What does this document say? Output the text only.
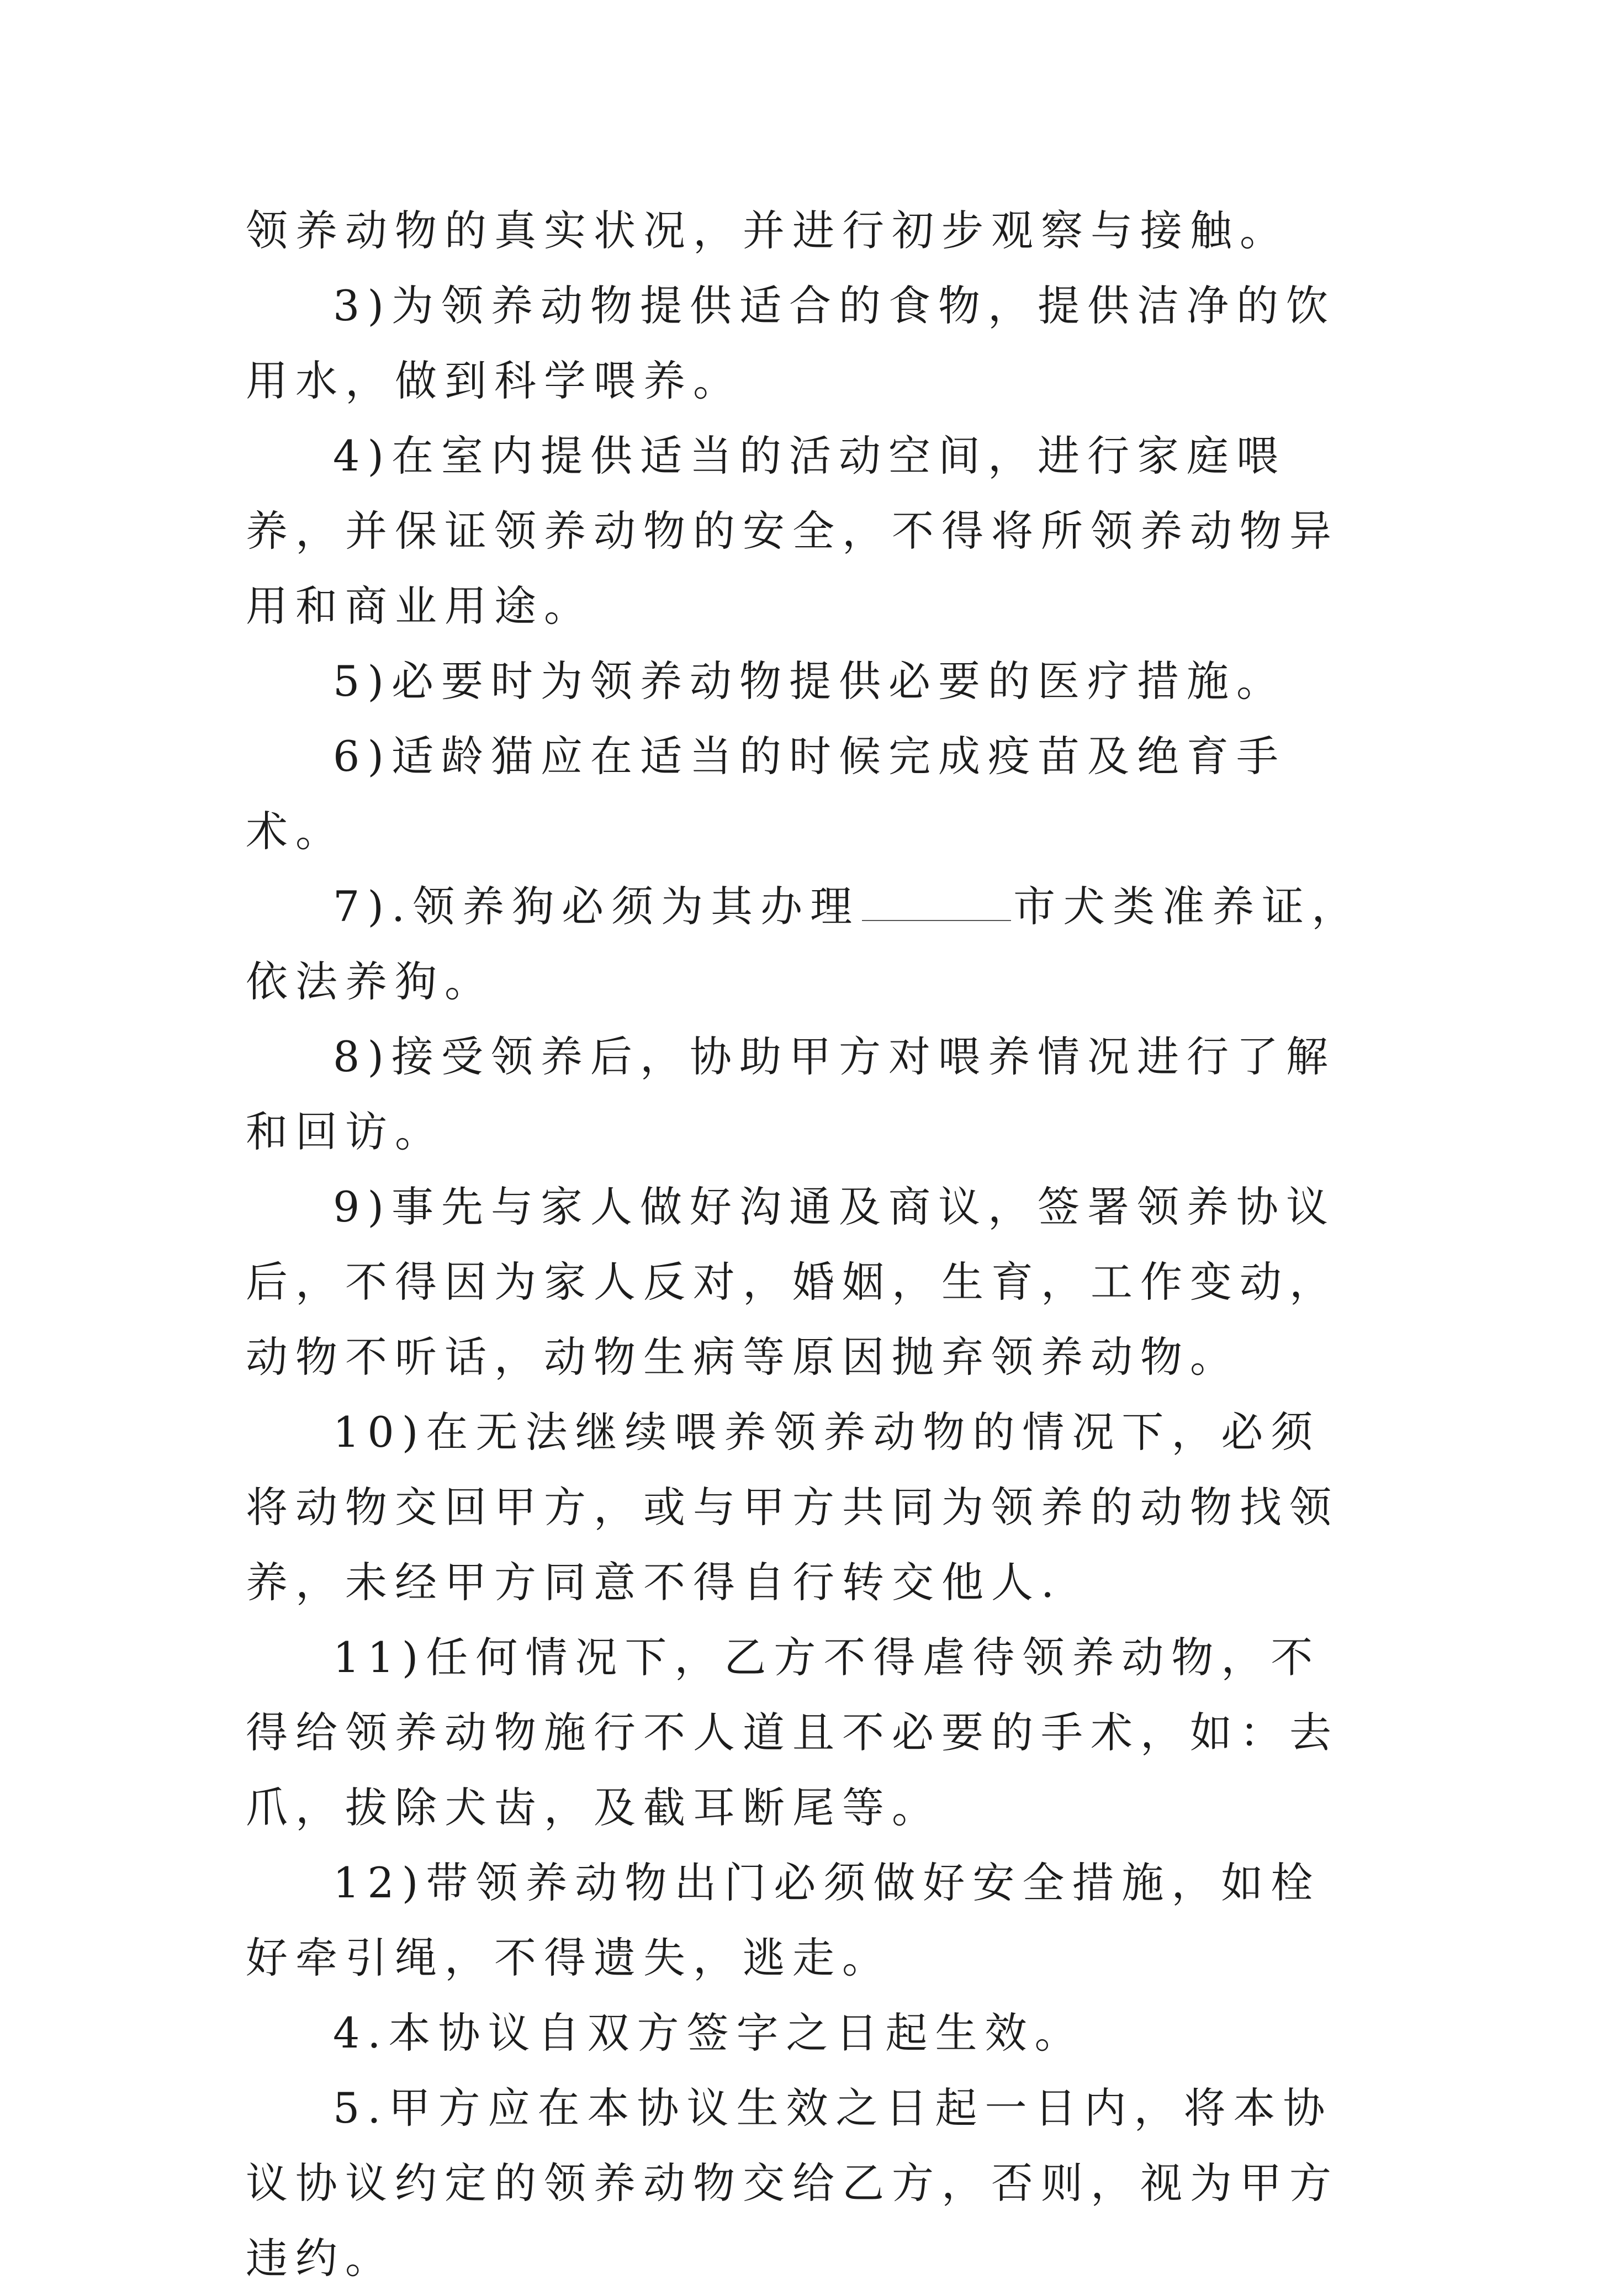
领养动物的真实状况，并进行初步观察与接触。

3)为领养动物提供适合的食物，提供洁净的饮用水，做到科学喂养。

4)在室内提供适当的活动空间，进行家庭喂养，并保证领养动物的安全，不得将所领养动物异用和商业用途。

5)必要时为领养动物提供必要的医疗措施。

6)适龄猫应在适当的时候完成疫苗及绝育手术。

7).领养狗必须为其办理	市犬类准养证，依法养狗。

8)接受领养后，协助甲方对喂养情况进行了解和回访。

9)事先与家人做好沟通及商议，签署领养协议后，不得因为家人反对，婚姻，生育，工作变动，动物不听话，动物生病等原因抛弃领养动物。

10)在无法继续喂养领养动物的情况下，必须将动物交回甲方，或与甲方共同为领养的动物找领养，未经甲方同意不得自行转交他人.

11)任何情况下，乙方不得虐待领养动物，不得给领养动物施行不人道且不必要的手术，如：去爪，拔除犬齿，及截耳断尾等。

12)带领养动物出门必须做好安全措施，如栓好牵引绳，不得遗失，逃走。

4.本协议自双方签字之日起生效。

5.甲方应在本协议生效之日起一日内，将本协议协议约定的领养动物交给乙方，否则，视为甲方违约。
